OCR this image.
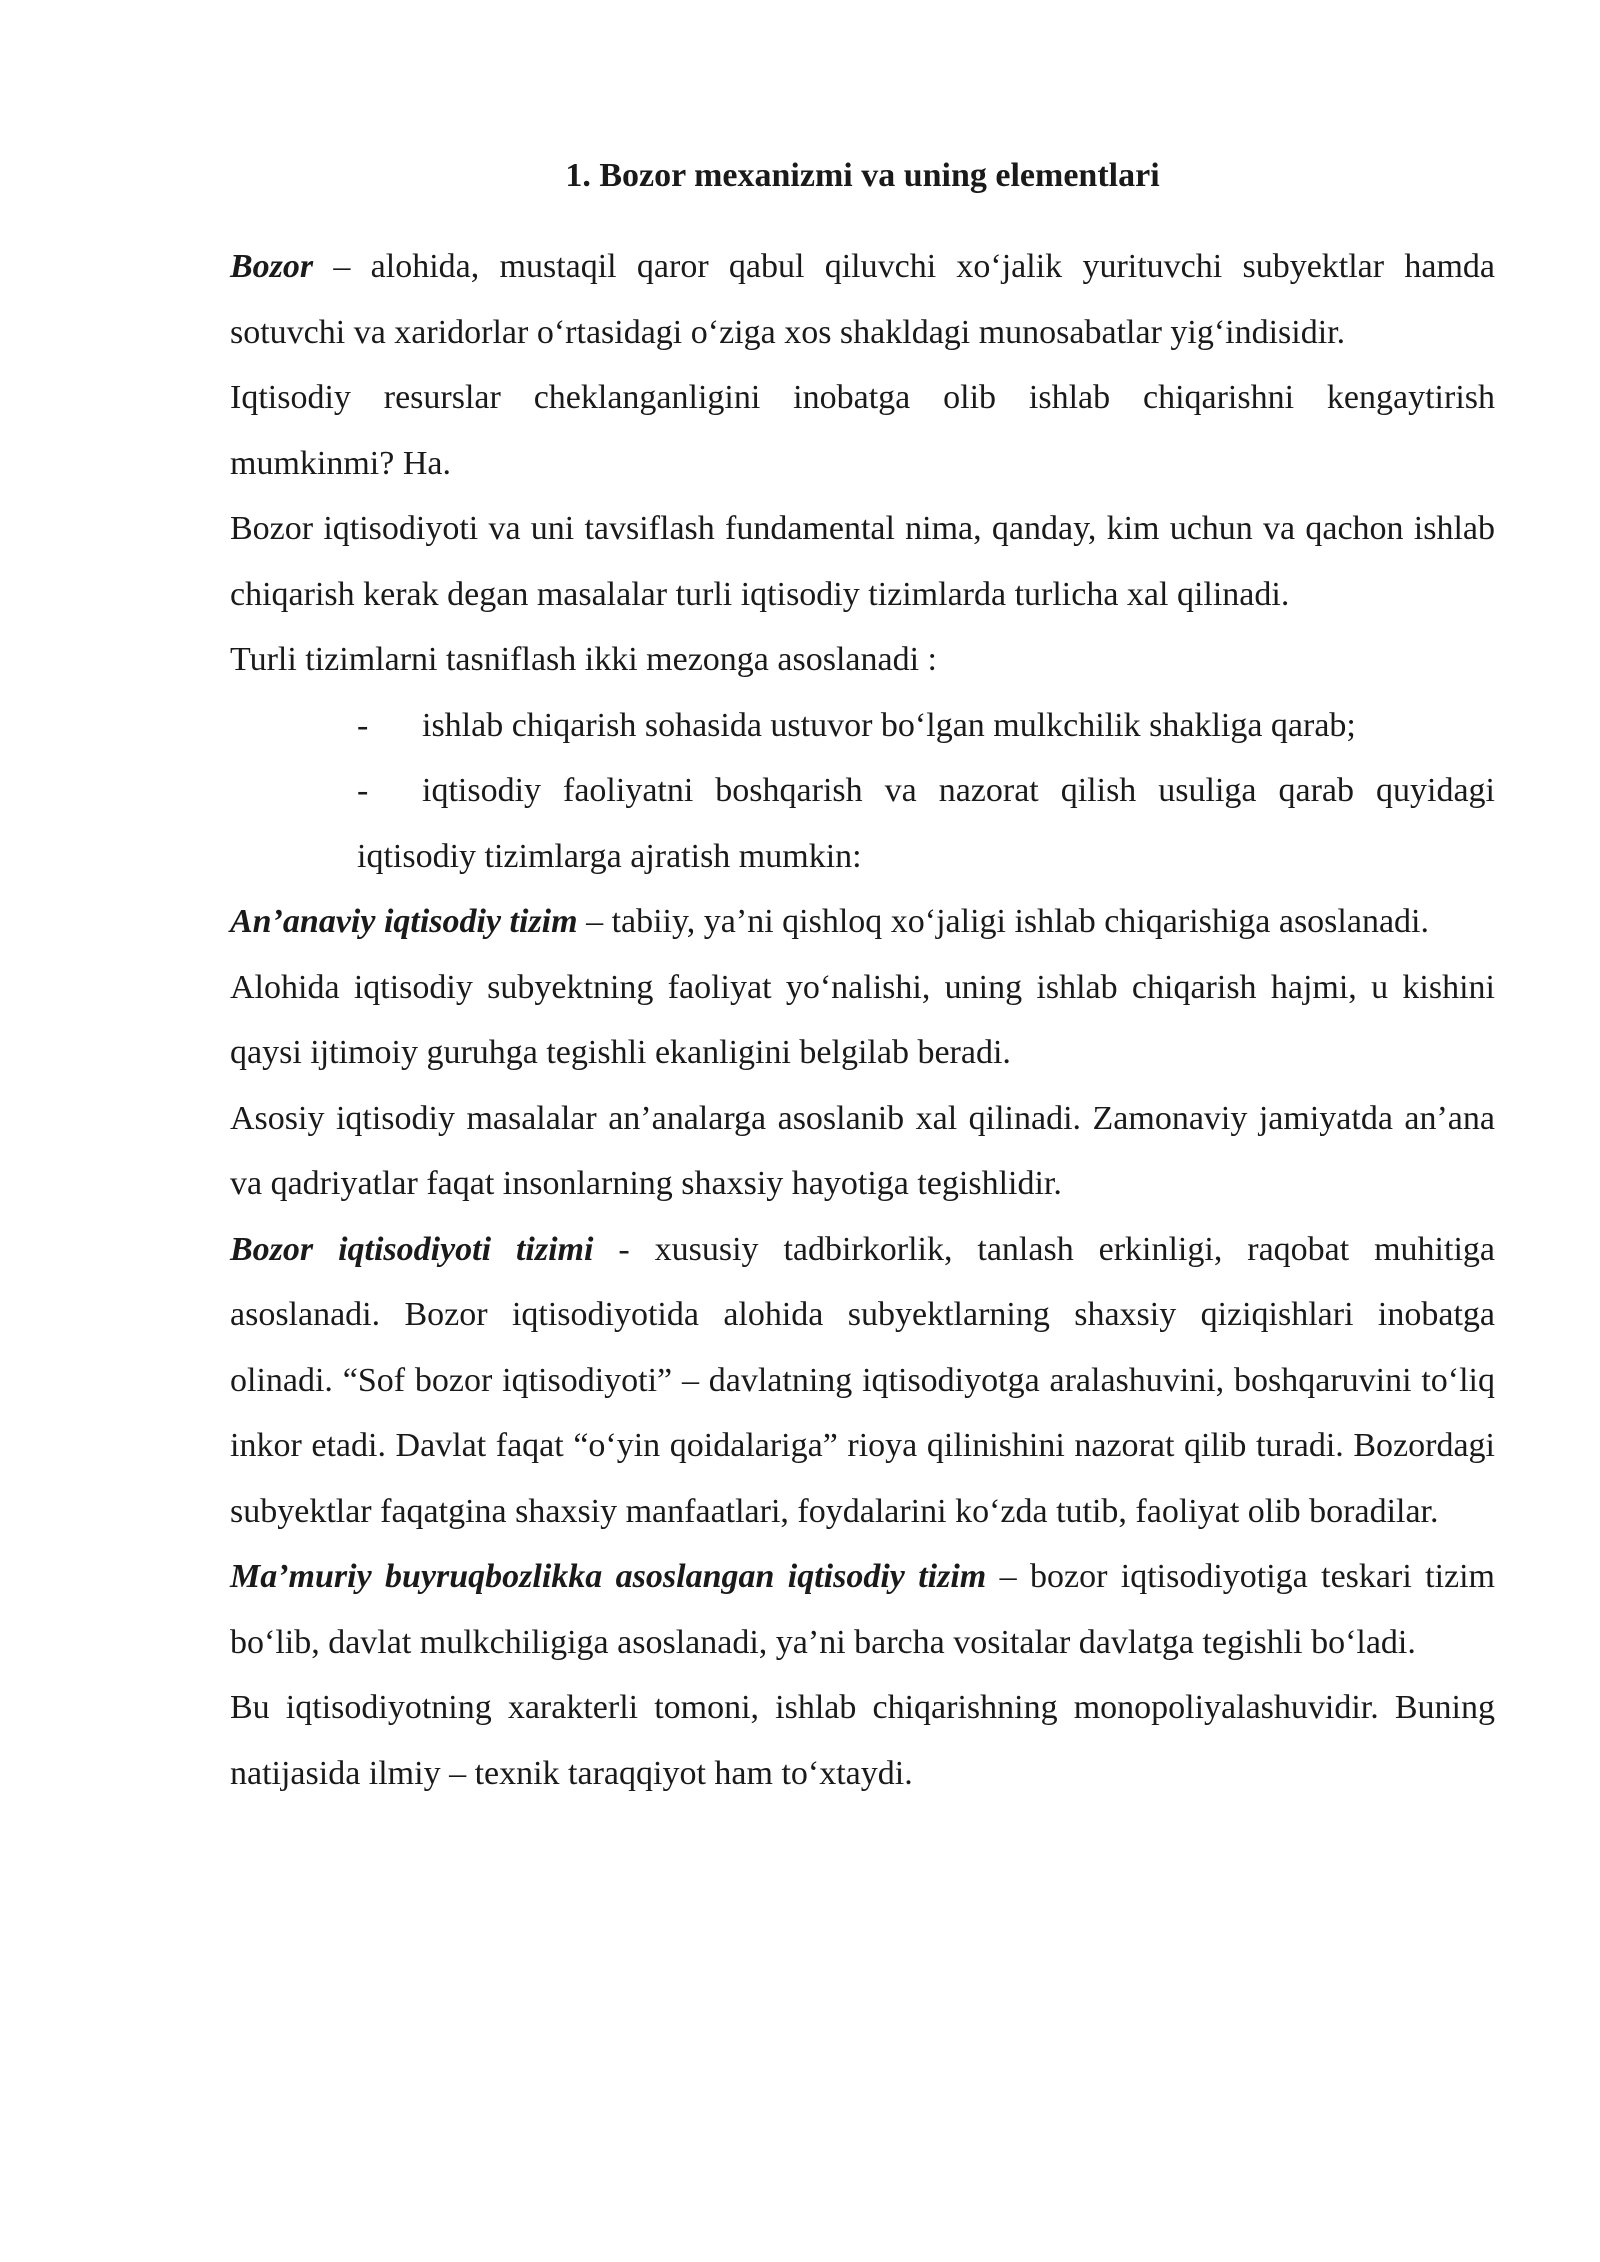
1. Bozor mexanizmi va uning elementlari

Bozor – alohida, mustaqil qaror qabul qiluvchi xo‘jalik yurituvchi subyektlar hamda sotuvchi va xaridorlar o‘rtasidagi o‘ziga xos shakldagi munosabatlar yig‘indisidir.

Iqtisodiy resurslar cheklanganligini inobatga olib ishlab chiqarishni kengaytirish mumkinmi? Ha.

Bozor iqtisodiyoti va uni tavsiflash fundamental nima, qanday, kim uchun va qachon ishlab chiqarish kerak degan masalalar turli iqtisodiy tizimlarda turlicha xal qilinadi.

Turli tizimlarni tasniflash ikki mezonga asoslanadi :

- ishlab chiqarish sohasida ustuvor bo‘lgan mulkchilik shakliga qarab;
- iqtisodiy faoliyatni boshqarish va nazorat qilish usuliga qarab quyidagi iqtisodiy tizimlarga ajratish mumkin:

An’anaviy iqtisodiy tizim – tabiiy, ya’ni qishloq xo‘jaligi ishlab chiqarishiga asoslanadi.

Alohida iqtisodiy subyektning faoliyat yo‘nalishi, uning ishlab chiqarish hajmi, u kishini qaysi ijtimoiy guruhga tegishli ekanligini belgilab beradi.

Asosiy iqtisodiy masalalar an’analarga asoslanib xal qilinadi. Zamonaviy jamiyatda an’ana va qadriyatlar faqat insonlarning shaxsiy hayotiga tegishlidir.

Bozor iqtisodiyoti tizimi - xususiy tadbirkorlik, tanlash erkinligi, raqobat muhitiga asoslanadi. Bozor iqtisodiyotida alohida subyektlarning shaxsiy qiziqishlari inobatga olinadi. “Sof bozor iqtisodiyoti” – davlatning iqtisodiyotga aralashuvini, boshqaruvini to‘liq inkor etadi. Davlat faqat “o‘yin qoidalariga” rioya qilinishini nazorat qilib turadi. Bozordagi subyektlar faqatgina shaxsiy manfaatlari, foydalarini ko‘zda tutib, faoliyat olib boradilar.

Ma’muriy buyruqbozlikka asoslangan iqtisodiy tizim – bozor iqtisodiyotiga teskari tizim bo‘lib, davlat mulkchiligiga asoslanadi, ya’ni barcha vositalar davlatga tegishli bo‘ladi.

Bu iqtisodiyotning xarakterli tomoni, ishlab chiqarishning monopoliyalashuvidir. Buning natijasida ilmiy – texnik taraqqiyot ham to‘xtaydi.
